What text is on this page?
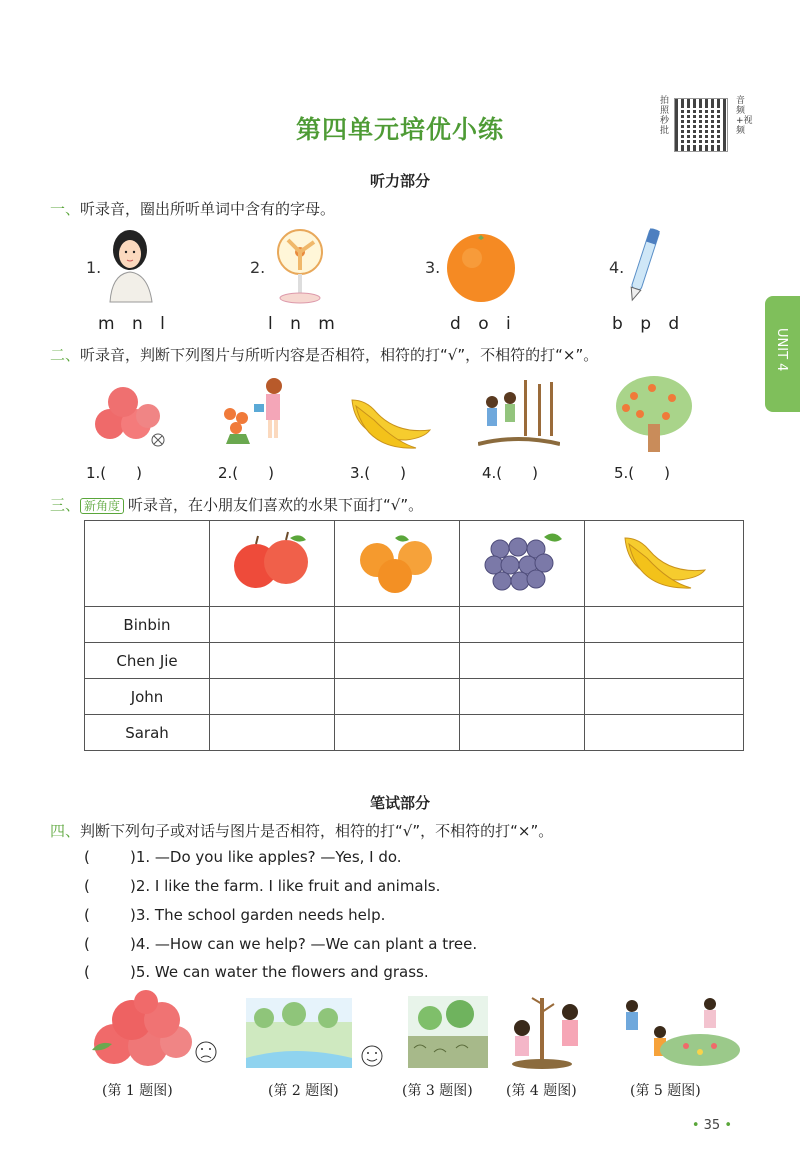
第四单元培优小练
拍照秒批
音频+视频
UNIT 4
听力部分
一、听录音，圈出所听单词中含有的字母。
1.	2.	3.	4.
m n l	l n m	d o i	b p d
二、听录音，判断下列图片与所听内容是否相符，相符的打“√”，不相符的打“×”。
1.(　　)	2.(　　)	3.(　　)	4.(　　)	5.(　　)
三、 新角度 听录音，在小朋友们喜欢的水果下面打“√”。

Binbin				
Chen Jie				
John				
Sarah				
笔试部分
四、判断下列句子或对话与图片是否相符，相符的打“√”，不相符的打“×”。
(	)1. —Do you like apples? —Yes, I do.
(	)2. I like the farm. I like fruit and animals.
(	)3. The school garden needs help.
(	)4. —How can we help? —We can plant a tree.
(	)5. We can water the flowers and grass.
(第 1 题图)	(第 2 题图)	(第 3 题图) (第 4 题图)	(第 5 题图)
• 35 •
